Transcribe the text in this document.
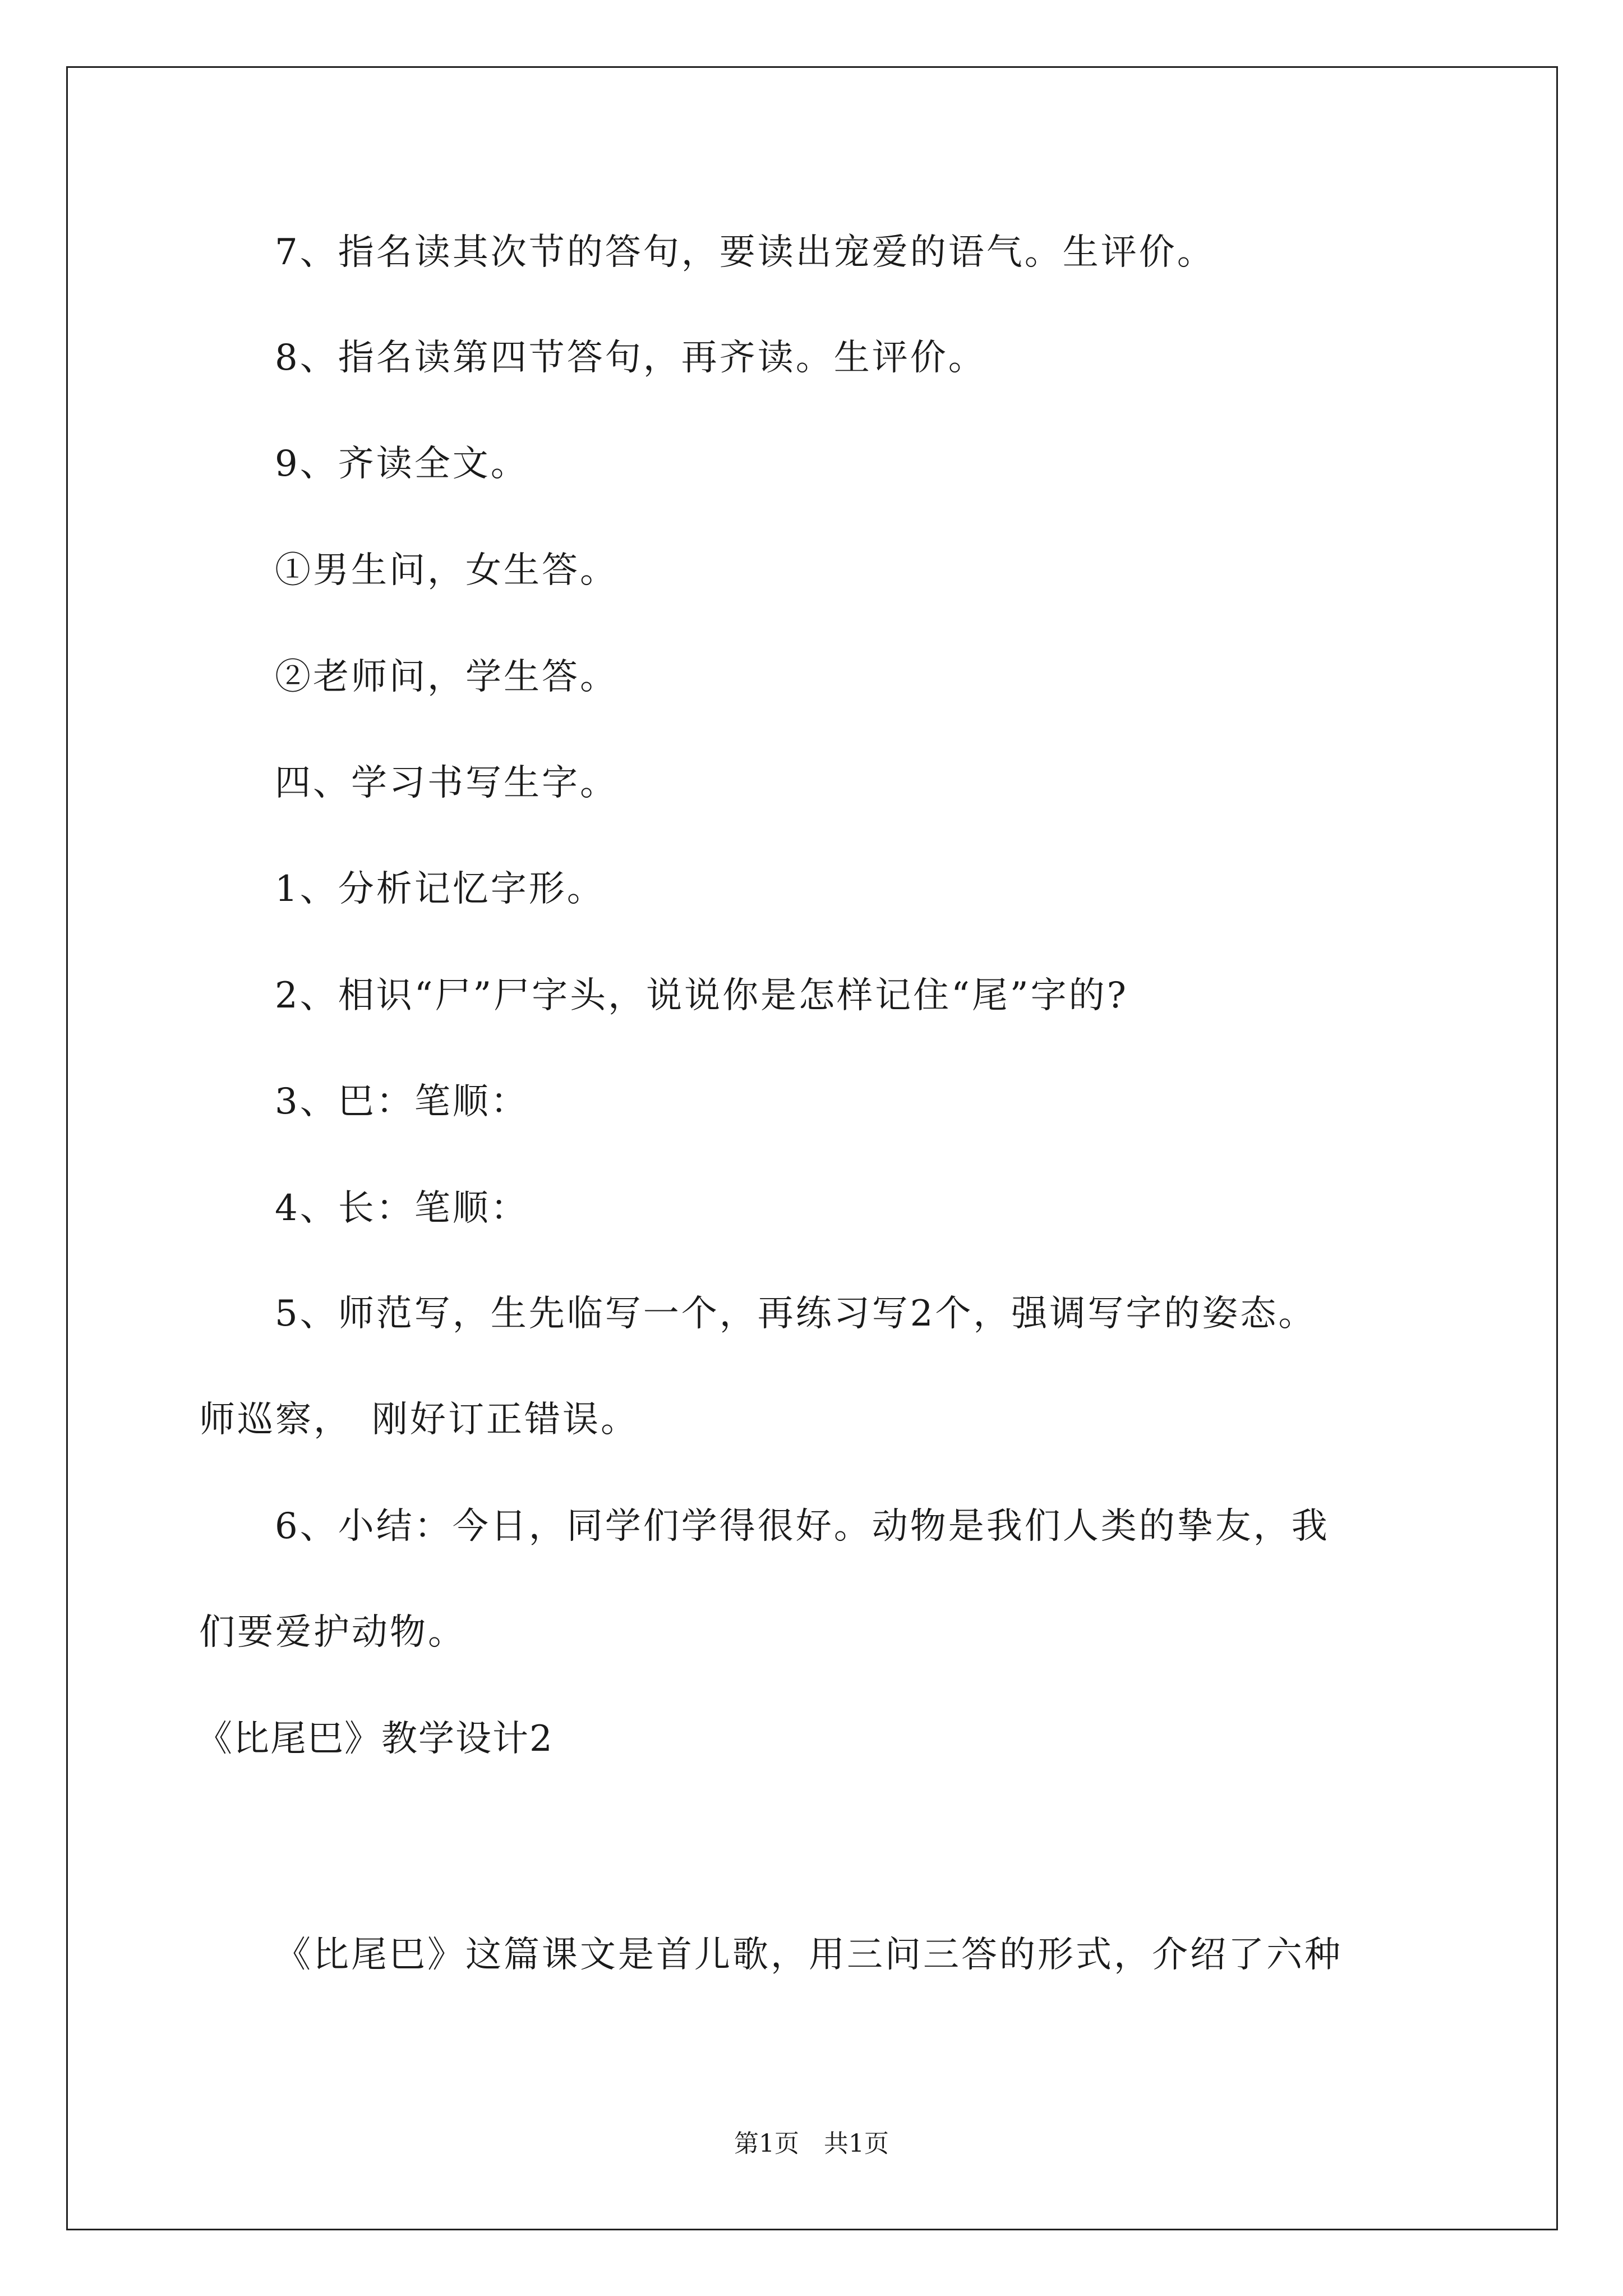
7、指名读其次节的答句，要读出宠爱的语气。生评价。
8、指名读第四节答句，再齐读。生评价。
9、齐读全文。
①男生问，女生答。
②老师问，学生答。
四、学习书写生字。
1、分析记忆字形。
2、相识“尸”尸字头，说说你是怎样记住“尾”字的?
3、巴：笔顺：
4、长：笔顺：
5、师范写，生先临写一个，再练习写2个，强调写字的姿态。
师巡察，　刚好订正错误。
6、小结：今日，同学们学得很好。动物是我们人类的挚友，我
们要爱护动物。
《比尾巴》教学设计2
《比尾巴》这篇课文是首儿歌，用三问三答的形式，介绍了六种
第1页　共1页
